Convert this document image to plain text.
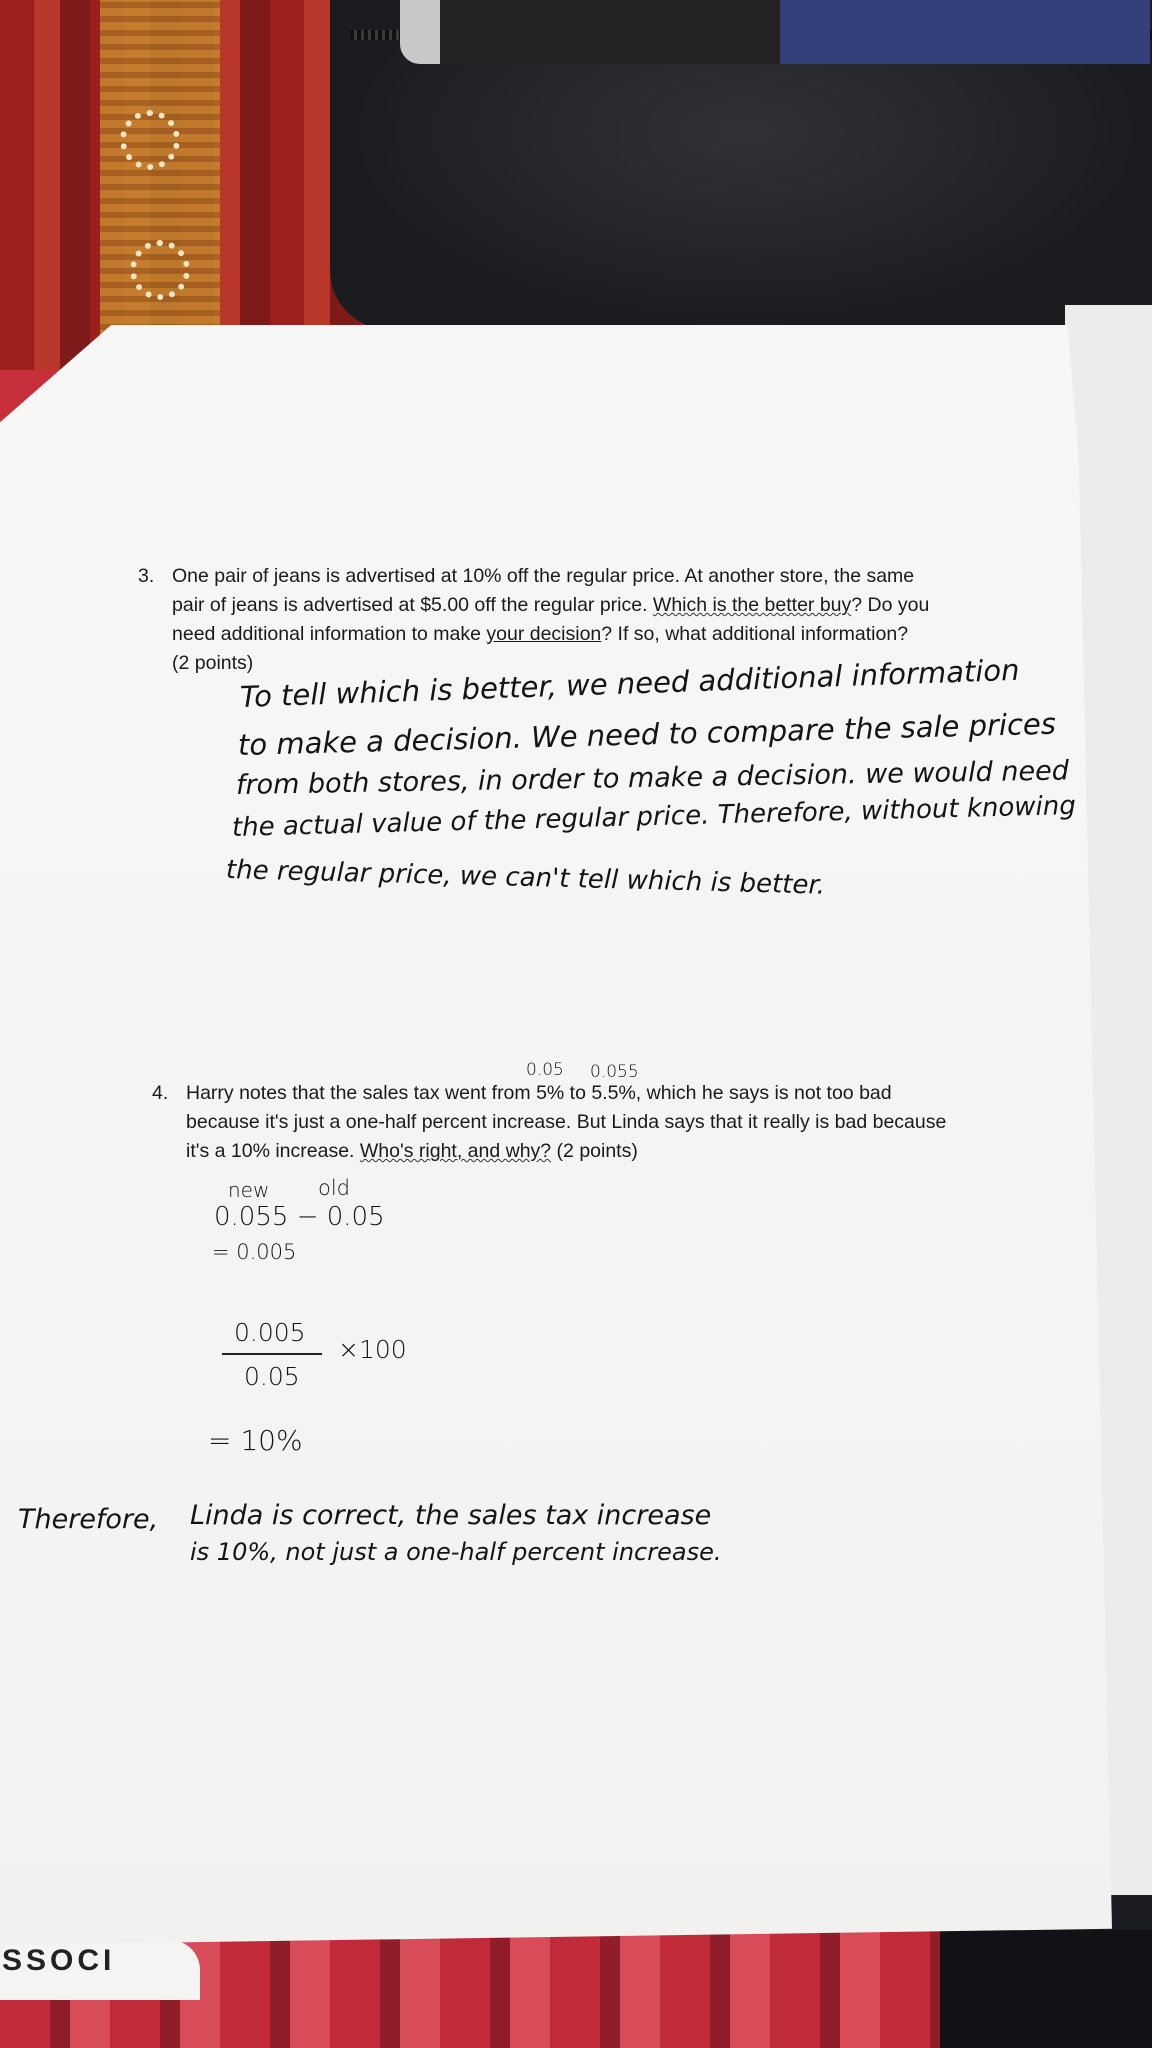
SSOCI
3. One pair of jeans is advertised at 10% off the regular price. At another store, the same

pair of jeans is advertised at $5.00 off the regular price. Which is the better buy? Do you

need additional information to make your decision? If so, what additional information?

(2 points)

To tell which is better, we need additional information
to make a decision. We need to compare the sale prices
from both stores, in order to make a decision. we would need
the actual value of the regular price. Therefore, without knowing
the regular price, we can't tell which is better.
0.05 0.055
4. Harry notes that the sales tax went from 5% to 5.5%, which he says is not too bad

because it's just a one-half percent increase. But Linda says that it really is bad because

it's a 10% increase. Who's right, and why? (2 points)

new old
0.055 − 0.05
= 0.005
0.005
0.05
×100
= 10%
Therefore, Linda is correct, the sales tax increase
is 10%, not just a one-half percent increase.
